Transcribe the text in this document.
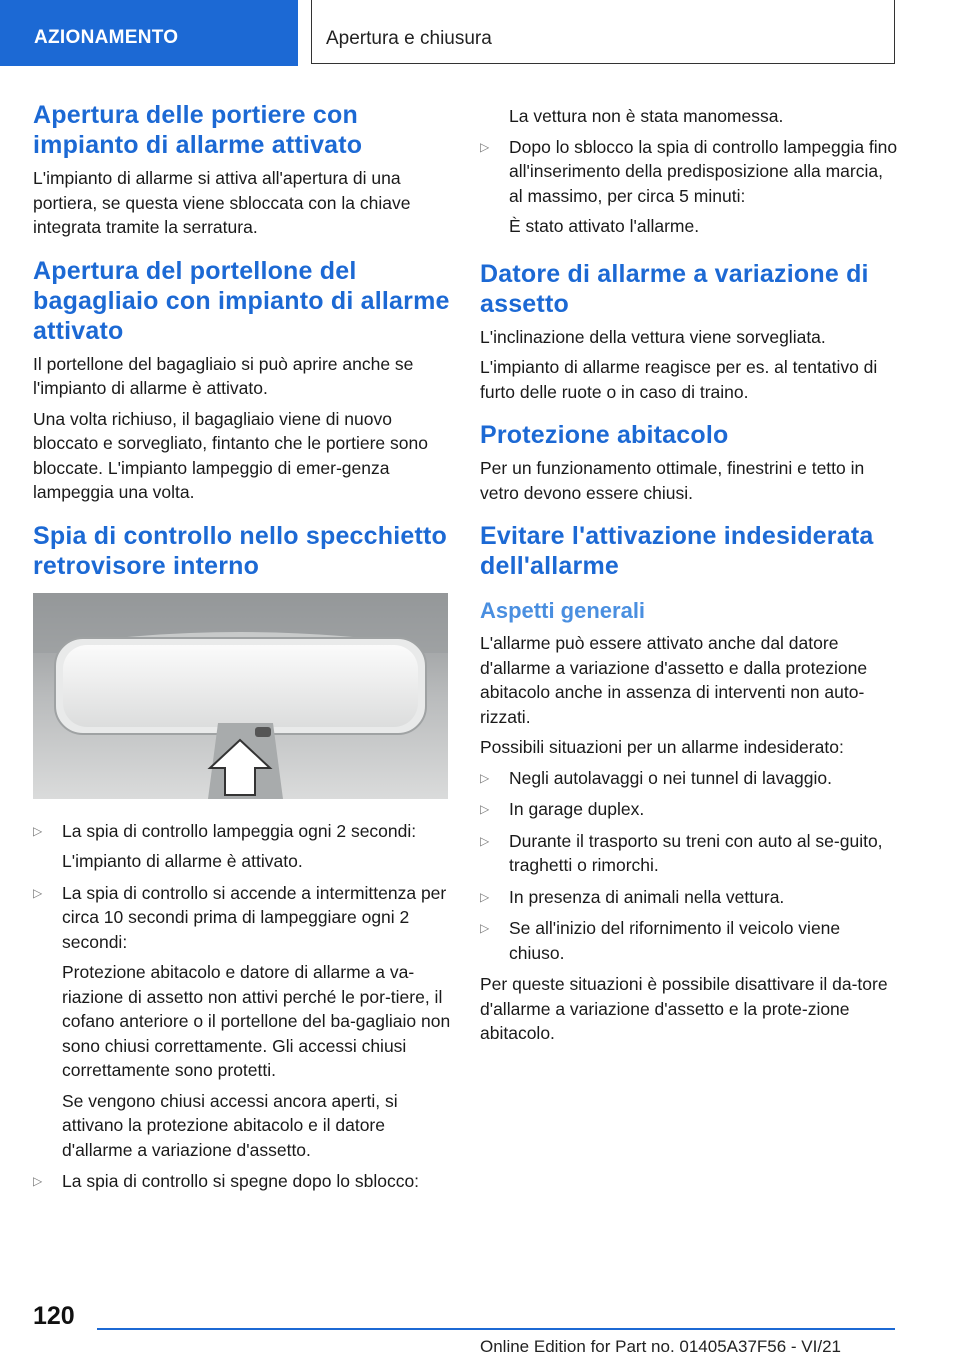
AZIONAMENTO	Apertura e chiusura
Apertura delle portiere con impianto di allarme attivato

L'impianto di allarme si attiva all'apertura di una portiera, se questa viene sbloccata con la chiave integrata tramite la serratura.

Apertura del portellone del bagagliaio con impianto di allarme attivato

Il portellone del bagagliaio si può aprire anche se l'impianto di allarme è attivato.

Una volta richiuso, il bagagliaio viene di nuovo bloccato e sorvegliato, fintanto che le portiere sono bloccate. L'impianto lampeggio di emer-genza lampeggia una volta.

Spia di controllo nello specchietto retrovisore interno
▷ La spia di controllo lampeggia ogni 2 secondi:

L'impianto di allarme è attivato.

▷ La spia di controllo si accende a intermittenza per circa 10 secondi prima di lampeggiare ogni 2 secondi:

Protezione abitacolo e datore di allarme a va-riazione di assetto non attivi perché le por-tiere, il cofano anteriore o il portellone del ba-gagliaio non sono chiusi correttamente. Gli accessi chiusi correttamente sono protetti.

Se vengono chiusi accessi ancora aperti, si attivano la protezione abitacolo e il datore d'allarme a variazione d'assetto.

▷ La spia di controllo si spegne dopo lo sblocco:

La vettura non è stata manomessa.

▷ Dopo lo sblocco la spia di controllo lampeggia fino all'inserimento della predisposizione alla marcia, al massimo, per circa 5 minuti:

È stato attivato l'allarme.

Datore di allarme a variazione di assetto

L'inclinazione della vettura viene sorvegliata.

L'impianto di allarme reagisce per es. al tentativo di furto delle ruote o in caso di traino.

Protezione abitacolo

Per un funzionamento ottimale, finestrini e tetto in vetro devono essere chiusi.

Evitare l'attivazione indesiderata dell'allarme
Aspetti generali

L'allarme può essere attivato anche dal datore d'allarme a variazione d'assetto e dalla protezione abitacolo anche in assenza di interventi non auto-rizzati.

Possibili situazioni per un allarme indesiderato:

▷ Negli autolavaggi o nei tunnel di lavaggio.

▷ In garage duplex.

▷ Durante il trasporto su treni con auto al se-guito, traghetti o rimorchi.

▷ In presenza di animali nella vettura.

▷ Se all'inizio del rifornimento il veicolo viene chiuso.

Per queste situazioni è possibile disattivare il da-tore d'allarme a variazione d'assetto e la prote-zione abitacolo.

120
Online Edition for Part no. 01405A37F56 - VI/21
